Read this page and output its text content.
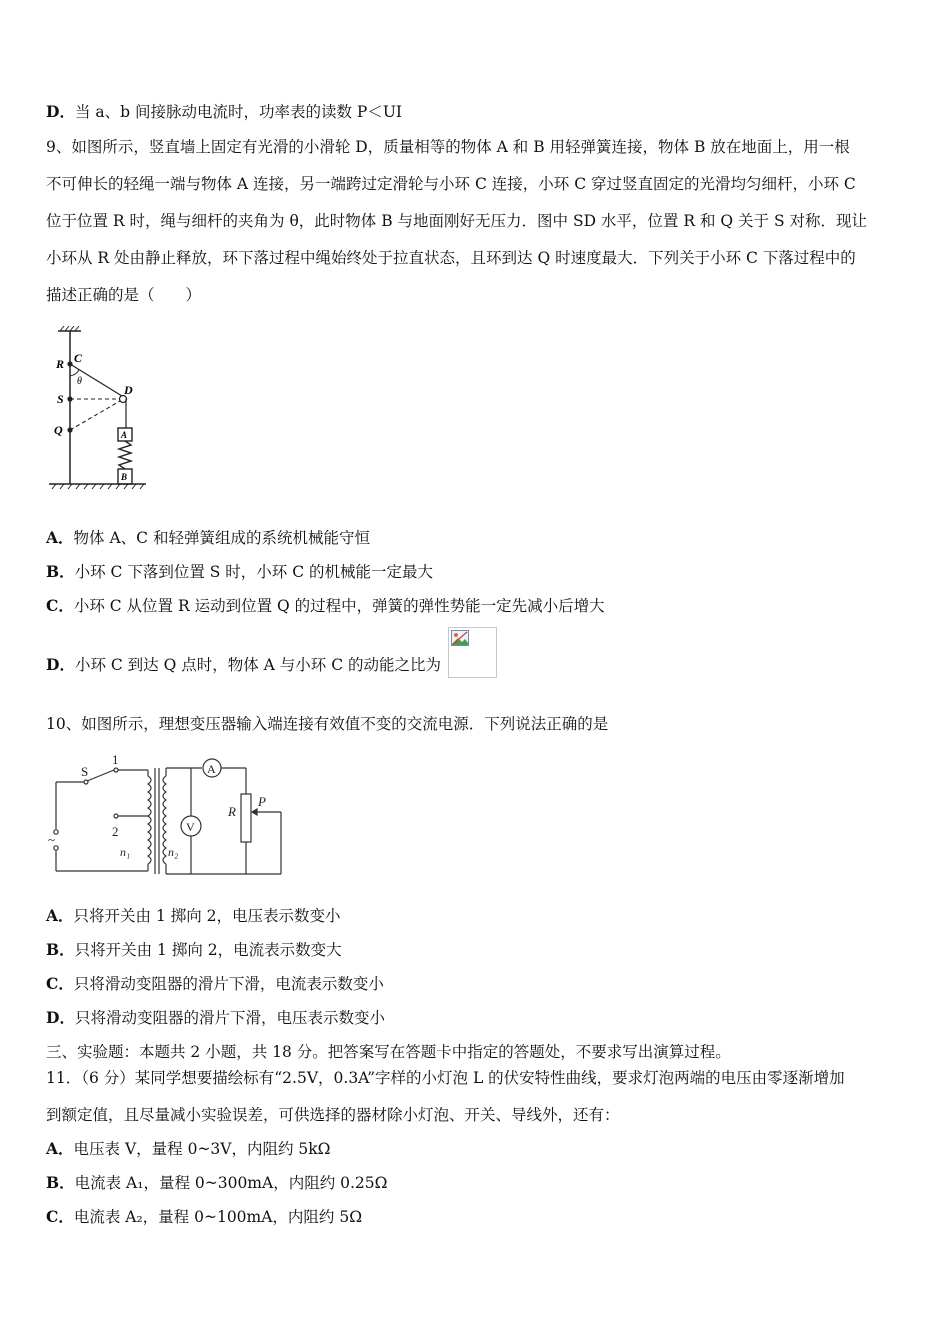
D．当 a、b 间接脉动电流时，功率表的读数 P＜UI
9、如图所示，竖直墙上固定有光滑的小滑轮 D，质量相等的物体 A 和 B 用轻弹簧连接，物体 B 放在地面上，用一根
不可伸长的轻绳一端与物体 A 连接，另一端跨过定滑轮与小环 C 连接，小环 C 穿过竖直固定的光滑均匀细杆，小环 C
位于位置 R 时，绳与细杆的夹角为 θ，此时物体 B 与地面刚好无压力．图中 SD 水平，位置 R 和 Q 关于 S 对称．现让
小环从 R 处由静止释放，环下落过程中绳始终处于拉直状态，且环到达 Q 时速度最大．下列关于小环 C 下落过程中的
描述正确的是（　　）
R C
θ
D
S
Q	A
B
A．物体 A、C 和轻弹簧组成的系统机械能守恒
B．小环 C 下落到位置 S 时，小环 C 的机械能一定最大
C．小环 C 从位置 R 运动到位置 Q 的过程中，弹簧的弹性势能一定先减小后增大
D．小环 C 到达 Q 点时，物体 A 与小环 C 的动能之比为
10、如图所示，理想变压器输入端连接有效值不变的交流电源．下列说法正确的是
S
1
2
~
n₁	n₂
A
V
R
P
A．只将开关由 1 掷向 2，电压表示数变小
B．只将开关由 1 掷向 2，电流表示数变大
C．只将滑动变阻器的滑片下滑，电流表示数变小
D．只将滑动变阻器的滑片下滑，电压表示数变小
三、实验题：本题共 2 小题，共 18 分。把答案写在答题卡中指定的答题处，不要求写出演算过程。
11．（6 分）某同学想要描绘标有“2.5V，0.3A”字样的小灯泡 L 的伏安特性曲线，要求灯泡两端的电压由零逐渐增加
到额定值，且尽量减小实验误差，可供选择的器材除小灯泡、开关、导线外，还有：
A．电压表 V，量程 0~3V，内阻约 5kΩ
B．电流表 A₁，量程 0~300mA，内阻约 0.25Ω
C．电流表 A₂，量程 0~100mA，内阻约 5Ω
